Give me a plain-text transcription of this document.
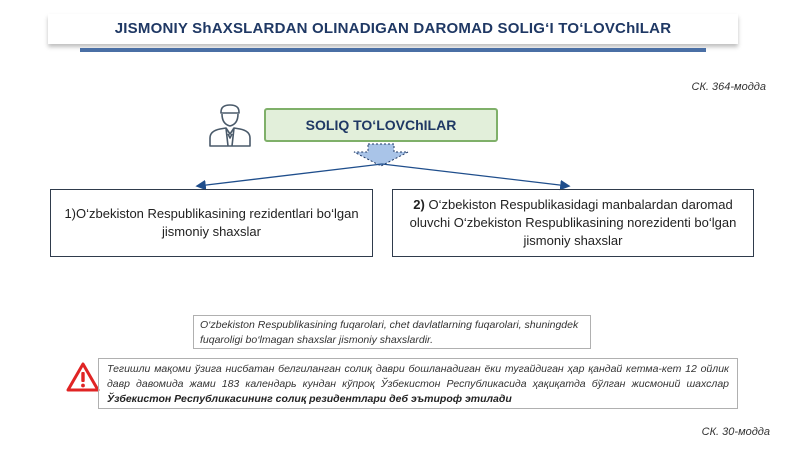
JISMONIY ShAXSLARDAN OLINADIGAN DAROMAD SOLIG‘I TO‘LOVChILAR
СК. 364-модда
SOLIQ TO‘LOVChILAR
1)O‘zbekiston Respublikasining rezidentlari bo‘lgan jismoniy shaxslar
2) O‘zbekiston Respublikasidagi manbalardan daromad oluvchi O‘zbekiston Respublikasining norezidenti bo‘lgan jismoniy shaxslar
O‘zbekiston Respublikasining fuqarolari, chet davlatlarning fuqarolari, shuningdek fuqaroligi bo‘lmagan shaxslar jismoniy shaxslardir.
Тегишли мақоми ўзига нисбатан белгиланган солиқ даври бошланадиган ёки тугайдиган ҳар қандай кетма-кет 12 ойлик давр давомида жами 183 календарь кундан кўпроқ Ўзбекистон Республикасида ҳақиқатда бўлган жисмоний шахслар Ўзбекистон Республикасининг солиқ резидентлари деб эътироф этилади
СК. 30-модда
